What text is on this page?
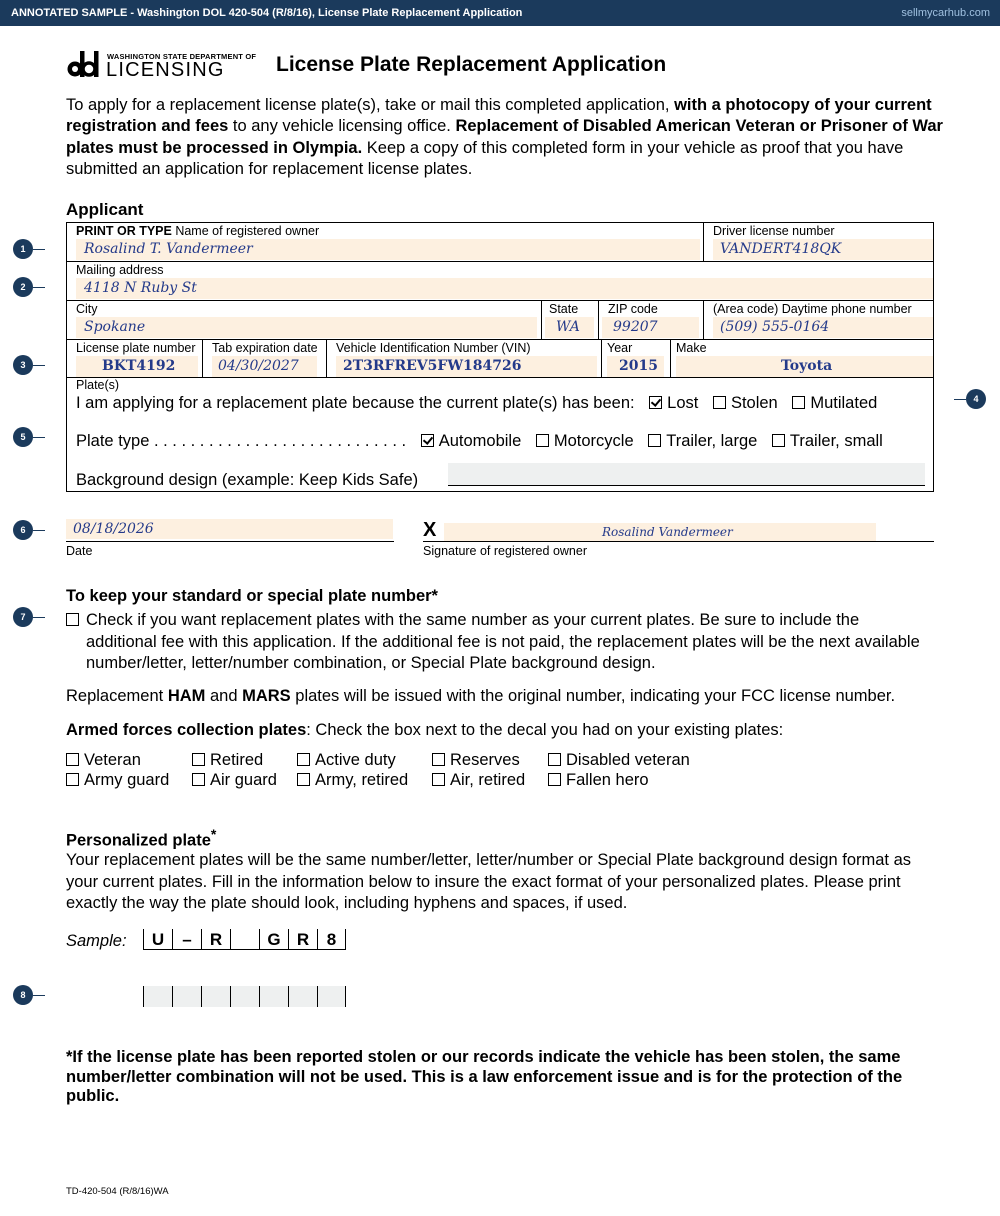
ANNOTATED SAMPLE - Washington DOL 420-504 (R/8/16), License Plate Replacement Application	sellmycarhub.com
WASHINGTON STATE DEPARTMENT OF
LICENSING License Plate Replacement Application
To apply for a replacement license plate(s), take or mail this completed application, with a photocopy of your current registration and fees to any vehicle licensing office. Replacement of Disabled American Veteran or Prisoner of War plates must be processed in Olympia. Keep a copy of this completed form in your vehicle as proof that you have submitted an application for replacement license plates.
1
2
3
4
5
6
7
8
Applicant
PRINT OR TYPE Name of registered owner
Rosalind T. Vandermeer
Driver license number
VANDERT418QK
Mailing address
4118 N Ruby St
City
Spokane
State
WA
ZIP code
99207
(Area code) Daytime phone number
(509) 555-0164
License plate number
BKT4192
Tab expiration date
04/30/2027
Vehicle Identification Number (VIN)
2T3RFREV5FW184726
Year
2015
Make
Toyota
Plate(s)
I am applying for a replacement plate because the current plate(s) has been: Lost Stolen Mutilated
Plate type . . . . . . . . . . . . . . . . . . . . . . . . . . . . Automobile Motorcycle Trailer, large Trailer, small
Background design (example: Keep Kids Safe)
08/18/2026
Date
X	Rosalind Vandermeer
Signature of registered owner
To keep your standard or special plate number*
Check if you want replacement plates with the same number as your current plates. Be sure to include the additional fee with this application. If the additional fee is not paid, the replacement plates will be the next available number/letter, letter/number combination, or Special Plate background design.
Replacement HAM and MARS plates will be issued with the original number, indicating your FCC license number.
Armed forces collection plates: Check the box next to the decal you had on your existing plates:
Veteran	Retired	Active duty	Reserves	Disabled veteran
Army guard	Air guard	Army, retired	Air, retired	Fallen hero
Personalized plate*
Your replacement plates will be the same number/letter, letter/number or Special Plate background design format as your current plates. Fill in the information below to insure the exact format of your personalized plates. Please print exactly the way the plate should look, including hyphens and spaces, if used.
Sample:	U	–	R	G R	8
*If the license plate has been reported stolen or our records indicate the vehicle has been stolen, the same number/letter combination will not be used. This is a law enforcement issue and is for the protection of the public.
TD-420-504 (R/8/16)WA
